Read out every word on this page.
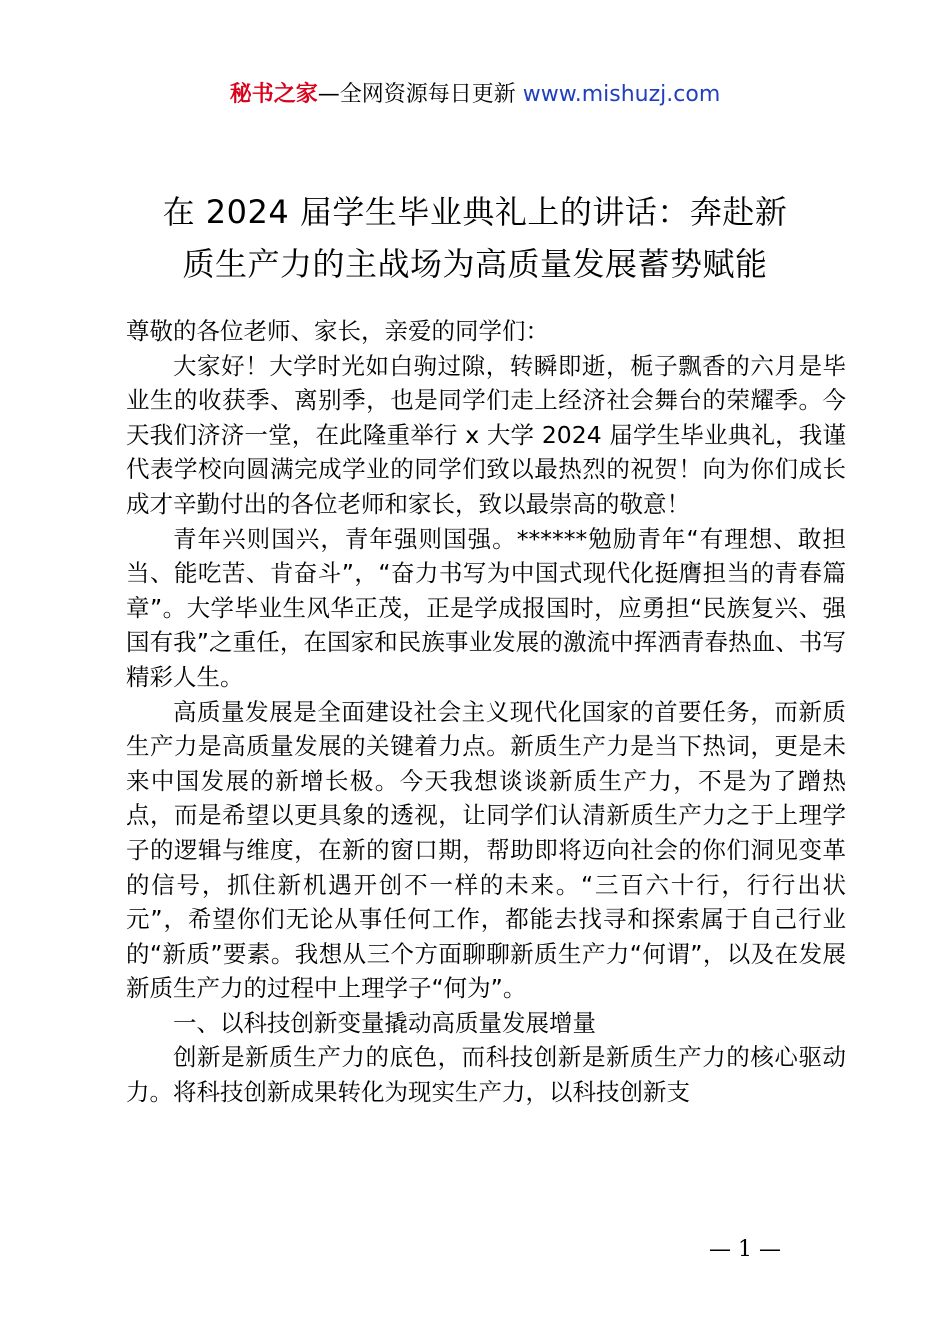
秘书之家—全网资源每日更新 www.mishuzj.com
在 2024 届学生毕业典礼上的讲话：奔赴新
质生产力的主战场为高质量发展蓄势赋能

尊敬的各位老师、家长，亲爱的同学们：

大家好！大学时光如白驹过隙，转瞬即逝，栀子飘香的六月是毕业生的收获季、离别季，也是同学们走上经济社会舞台的荣耀季。今天我们济济一堂，在此隆重举行 x 大学 2024 届学生毕业典礼，我谨代表学校向圆满完成学业的同学们致以最热烈的祝贺！向为你们成长成才辛勤付出的各位老师和家长，致以最崇高的敬意！

青年兴则国兴，青年强则国强。******勉励青年“有理想、敢担当、能吃苦、肯奋斗”，“奋力书写为中国式现代化挺膺担当的青春篇章”。大学毕业生风华正茂，正是学成报国时，应勇担“民族复兴、强国有我”之重任，在国家和民族事业发展的激流中挥洒青春热血、书写精彩人生。

高质量发展是全面建设社会主义现代化国家的首要任务，而新质生产力是高质量发展的关键着力点。新质生产力是当下热词，更是未来中国发展的新增长极。今天我想谈谈新质生产力，不是为了蹭热点，而是希望以更具象的透视，让同学们认清新质生产力之于上理学子的逻辑与维度，在新的窗口期，帮助即将迈向社会的你们洞见变革的信号，抓住新机遇开创不一样的未来。“三百六十行，行行出状元”，希望你们无论从事任何工作，都能去找寻和探索属于自己行业的“新质”要素。我想从三个方面聊聊新质生产力“何谓”，以及在发展新质生产力的过程中上理学子“何为”。

一、以科技创新变量撬动高质量发展增量

创新是新质生产力的底色，而科技创新是新质生产力的核心驱动力。将科技创新成果转化为现实生产力，以科技创新支

— 1 —
